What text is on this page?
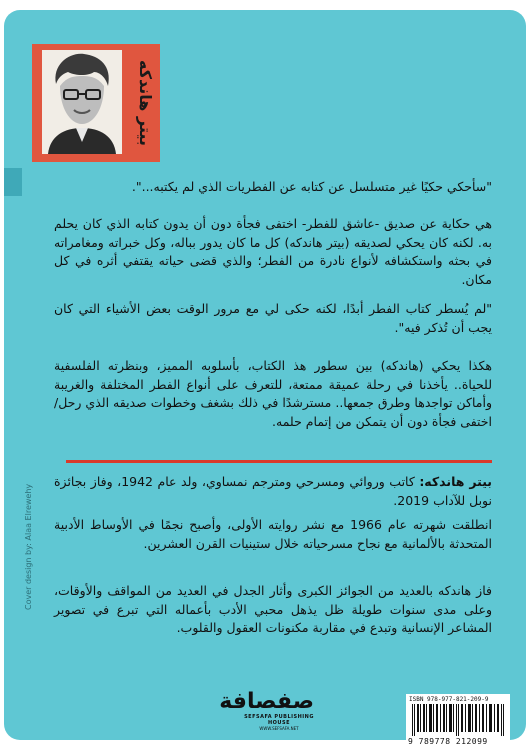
بيتر هاندكه
"سأحكي حكيًا غير متسلسل عن كتابه عن الفطريات الذي لم يكتبه...".
هي حكاية عن صديق -عاشق للفطر- اختفى فجأة دون أن يدون كتابه الذي كان يحلم به. لكنه كان يحكي لصديقه (بيتر هاندكه) كل ما كان يدور بباله، وكل خبراته ومغامراته في بحثه واستكشافه لأنواع نادرة من الفطر؛ والذي قضى حياته يقتفي أثره في كل مكان.
"لم يُسطر كتاب الفطر أبدًا، لكنه حكى لي مع مرور الوقت بعض الأشياء التي كان يجب أن تُذكر فيه".
هكذا يحكي (هاندكه) بين سطور هذ الكتاب، بأسلوبه المميز، وبنظرته الفلسفية للحياة.. يأخذنا في رحلة عميقة ممتعة، للتعرف على أنواع الفطر المختلفة والغريبة وأماكن تواجدها وطرق جمعها.. مسترشدًا في ذلك بشغف وخطوات صديقه الذي رحل/ اختفى فجأة دون أن يتمكن من إتمام حلمه.
بيتر هاندكه: كاتب وروائي ومسرحي ومترجم نمساوي، ولد عام 1942، وفاز بجائزة نوبل للآداب 2019.
انطلقت شهرته عام 1966 مع نشر روايته الأولى، وأصبح نجمًا في الأوساط الأدبية المتحدثة بالألمانية مع نجاح مسرحياته خلال ستينيات القرن العشرين.
فاز هاندكه بالعديد من الجوائز الكبرى وأثار الجدل في العديد من المواقف والأوقات، وعلى مدى سنوات طويلة ظل يذهل محبي الأدب بأعماله التي تبرع في تصوير المشاعر الإنسانية وتبدع في مقاربة مكنونات العقول والقلوب.
Cover design by: Alaa Elrewehy
صفصافة
SEFSAFA PUBLISHING HOUSE
WWW.SEFSAFA.NET
ISBN 978-977-821-209-9
9 789778 212099
